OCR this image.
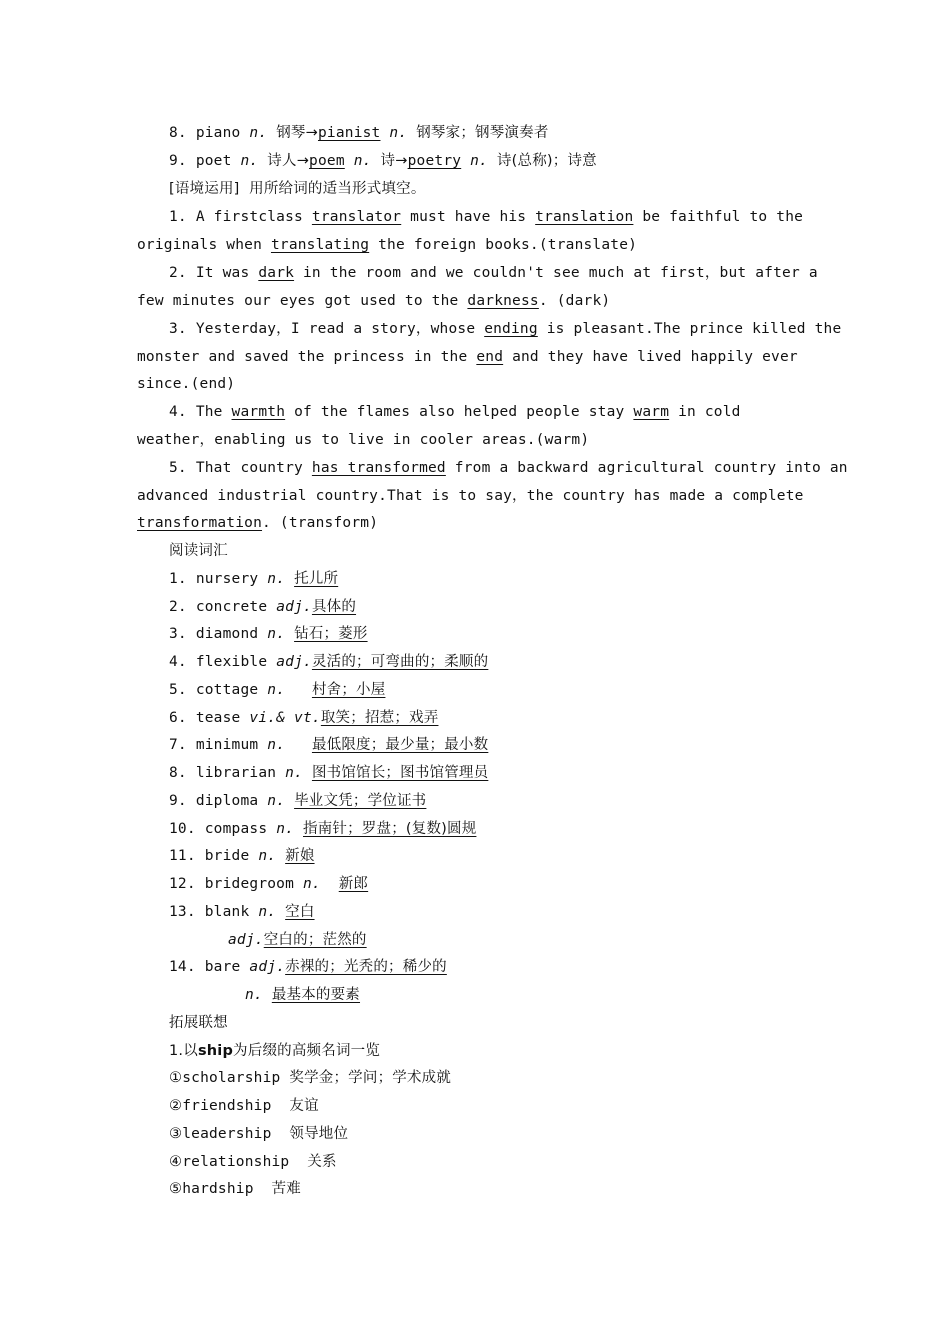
8. piano n. 钢琴→pianist n. 钢琴家；钢琴演奏者
9. poet n. 诗人→poem n. 诗→poetry n. 诗(总称)；诗意
[语境运用]  用所给词的适当形式填空。
1. A firstclass translator must have his translation be faithful to the
originals when translating the foreign books.(translate)
2. It was dark in the room and we couldn't see much at first，but after a
few minutes our eyes got used to the darkness. (dark)
3. Yesterday，I read a story，whose ending is pleasant.The prince killed the
monster and saved the princess in the end and they have lived happily ever
since.(end)
4. The warmth of the flames also helped people stay warm in cold
weather，enabling us to live in cooler areas.(warm)
5. That country has transformed from a backward agricultural country into an
advanced industrial country.That is to say，the country has made a complete
transformation. (transform)
阅读词汇
1. nursery n. 托儿所
2. concrete adj.具体的
3. diamond n. 钻石；菱形
4. flexible adj.灵活的；可弯曲的；柔顺的
5. cottage n. 村舍；小屋
6. tease vi.& vt.取笑；招惹；戏弄
7. minimum n. 最低限度；最少量；最小数
8. librarian n. 图书馆馆长；图书馆管理员
9. diploma n. 毕业文凭；学位证书
10. compass n. 指南针；罗盘；(复数)圆规
11. bride n. 新娘
12. bridegroom n. 新郎
13. blank n. 空白
adj.空白的；茫然的
14. bare adj.赤裸的；光秃的；稀少的
n. 最基本的要素
拓展联想
1.以ship为后缀的高频名词一览
①scholarship 奖学金；学问；学术成就
②friendship 友谊
③leadership 领导地位
④relationship 关系
⑤hardship 苦难
